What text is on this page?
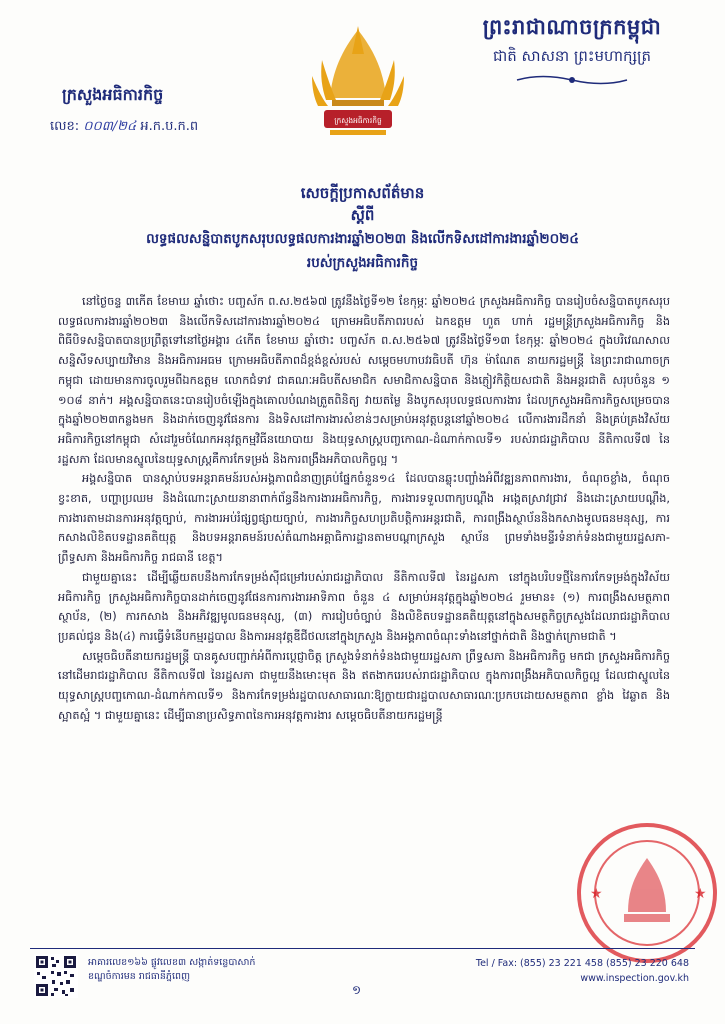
ព្រះរាជាណាចក្រកម្ពុជា
ជាតិ សាសនា ព្រះមហាក្សត្រ
ក្រសួងអធិការកិច្ច
ក្រសួងអធិការកិច្ច
លេខ: ០០៣/២៤ អ.ក.ប.ក.ព
សេចក្ដីប្រកាសព័ត៌មាន
ស្ដីពី
លទ្ធផលសន្និបាតបូកសរុបលទ្ធផលការងារឆ្នាំ២០២៣ និងលើកទិសដៅការងារឆ្នាំ២០២៤
របស់ក្រសួងអធិការកិច្ច

នៅថ្ងៃចន្ទ ៣កើត ខែមាឃ ឆ្នាំថោះ បញ្ចស័ក ព.ស.២៥៦៧ ត្រូវនឹងថ្ងៃទី១២ ខែកុម្ភៈ ឆ្នាំ២០២៤ ក្រសួងអធិការកិច្ច បានរៀបចំសន្និបាតបូកសរុបលទ្ធផលការងារឆ្នាំ២០២៣ និងលើកទិសដៅការងារឆ្នាំ២០២៤ ក្រោមអធិបតីភាពរបស់ ឯកឧត្ដម ហួត ហាក់ រដ្ឋមន្ត្រីក្រសួងអធិការកិច្ច និងពិធីបិទសន្និបាតបានប្រព្រឹត្តទៅនៅថ្ងៃអង្គារ ៤កើត ខែមាឃ ឆ្នាំថោះ បញ្ចស័ក ព.ស.២៥៦៧ ត្រូវនឹងថ្ងៃទី១៣ ខែកុម្ភៈ ឆ្នាំ២០២៤ ក្នុងបរិវេណសាលសន្និសីទសប្បាយវិមាន និងអធិការអធម ក្រោមអធិបតីភាពដ៏ខ្ពង់ខ្ពស់របស់ សម្ដេចមហាបវរធិបតី ហ៊ុន ម៉ាណែត នាយករដ្ឋមន្ត្រី នៃព្រះរាជាណាចក្រកម្ពុជា ដោយមានការចូលរួមពីឯកឧត្ដម លោកជំទាវ ជាគណៈអធិបតីសមាជិក សមាជិកាសន្និបាត និងភ្ញៀវកិត្តិយសជាតិ និងអន្តរជាតិ សរុបចំនួន ១ ១០៨ នាក់។ អង្គសន្និបាតនេះបានរៀបចំឡើងក្នុងគោលបំណងត្រួតពិនិត្យ វាយតម្លៃ និងបូកសរុបលទ្ធផលការងារ ដែលក្រសួងអធិការកិច្ចសម្រេចបានក្នុងឆ្នាំ២០២៣កន្លងមក និងដាក់ចេញនូវផែនការ និងទិសដៅការងារសំខាន់ៗសម្រាប់អនុវត្តបន្តនៅឆ្នាំ២០២៤ លើការងារដឹកនាំ និងគ្រប់គ្រងវិស័យអធិការកិច្ចនៅកម្ពុជា សំដៅរួមចំណែកអនុវត្តកម្មវិធីនយោបាយ និងយុទ្ធសាស្ត្របញ្ចកោណ-ដំណាក់កាលទី១ របស់រាជរដ្ឋាភិបាល នីតិកាលទី៧ នៃរដ្ឋសភា ដែលមានស្នូលនៃយុទ្ធសាស្ត្រគឺការកែទម្រង់ និងការពង្រឹងអភិបាលកិច្ចល្អ ។

អង្គសន្និបាត បានស្ដាប់បទអន្តរាគមន៍របស់អង្គភាពជំនាញគ្រប់ផ្នែកចំនួន១៤ ដែលបានឆ្លុះបញ្ចាំងអំពីវឌ្ឍនភាពការងារ, ចំណុចខ្លាំង, ចំណុចខ្វះខាត, បញ្ហាប្រឈម និងដំណោះស្រាយនានាពាក់ព័ន្ធនឹងការងារអធិការកិច្ច, ការងារទទួលពាក្យបណ្ដឹង អង្កេតស្រាវជ្រាវ និងដោះស្រាយបណ្ដឹង, ការងារតាមដានការអនុវត្តច្បាប់, ការងារអប់រំផ្សព្វផ្សាយច្បាប់, ការងារកិច្ចសហប្រតិបត្តិការអន្តរជាតិ, ការពង្រឹងស្ថាប័ននិងកសាងមូលធនមនុស្ស, ការកសាងលិខិតបទដ្ឋានគតិយុត្ត និងបទអន្តរាគមន៍របស់តំណាងអគ្គាធិការដ្ឋានតាមបណ្ដាក្រសួង ស្ថាប័ន ព្រមទាំងមន្ទីរទំនាក់ទំនងជាមួយរដ្ឋសភា-ព្រឹទ្ធសភា និងអធិការកិច្ច រាជធានី ខេត្ត។

ជាមួយគ្នានេះ ដើម្បីឆ្លើយតបនឹងការកែទម្រង់ស៊ីជម្រៅរបស់រាជរដ្ឋាភិបាល នីតិកាលទី៧ នៃរដ្ឋសភា នៅក្នុងបរិបទថ្មីនៃការកែទម្រង់ក្នុងវិស័យអធិការកិច្ច ក្រសួងអធិការកិច្ចបានដាក់ចេញនូវផែនការការងារអាទិភាព ចំនួន ៤ សម្រាប់អនុវត្តក្នុងឆ្នាំ២០២៤ រួមមាន៖ (១) ការពង្រឹងសមត្ថភាពស្ថាប័ន, (២) ការកសាង និងអភិវឌ្ឍមូលធនមនុស្ស, (៣) ការរៀបចំច្បាប់ និងលិខិតបទដ្ឋានគតិយុត្តនៅក្នុងសមត្ថកិច្ចក្រសួងដែលរាជរដ្ឋាភិបាលប្រគល់ជូន និង(៤) ការធ្វើទំនើបកម្មរដ្ឋបាល និងការអនុវត្តឌីជីថលនៅក្នុងក្រសួង និងអង្គភាពចំណុះទាំងនៅថ្នាក់ជាតិ និងថ្នាក់ក្រោមជាតិ ។

សម្ដេចធិបតីនាយករដ្ឋមន្ត្រី បានគូសបញ្ជាក់អំពីការប្ដេជ្ញាចិត្ត ក្រសួងទំនាក់ទំនងជាមួយរដ្ឋសភា ព្រឹទ្ធសភា និងអធិការកិច្ច មកជា ក្រសួងអធិការកិច្ច នៅដើមរាជរដ្ឋាភិបាល នីតិកាលទី៧ នៃរដ្ឋសភា ជាមួយនឹងមោះមុត និង ឥតងាករេរបស់រាជរដ្ឋាភិបាល ក្នុងការពង្រឹងអភិបាលកិច្ចល្អ ដែលជាស្នូលនៃយុទ្ធសាស្ត្របញ្ចកោណ-ដំណាក់កាលទី១ និងការកែទម្រង់រដ្ឋបាលសាធារណៈឱ្យក្លាយជារដ្ឋបាលសាធារណៈប្រកបដោយសមត្ថភាព ខ្លាំង វៃឆ្លាត និងស្អាតស្អំ ។ ជាមួយគ្នានេះ ដើម្បីធានាប្រសិទ្ធភាពនៃការអនុវត្តការងារ សម្ដេចធិបតីនាយករដ្ឋមន្ត្រី

★	★
អាគារលេខ១៦៦ ផ្លូវលេខ៣ សង្កាត់ទន្លេបាសាក់
ខណ្ឌចំការមន រាជធានីភ្នំពេញ
១
Tel / Fax: (855) 23 221 458 (855) 23 220 648
www.inspection.gov.kh
